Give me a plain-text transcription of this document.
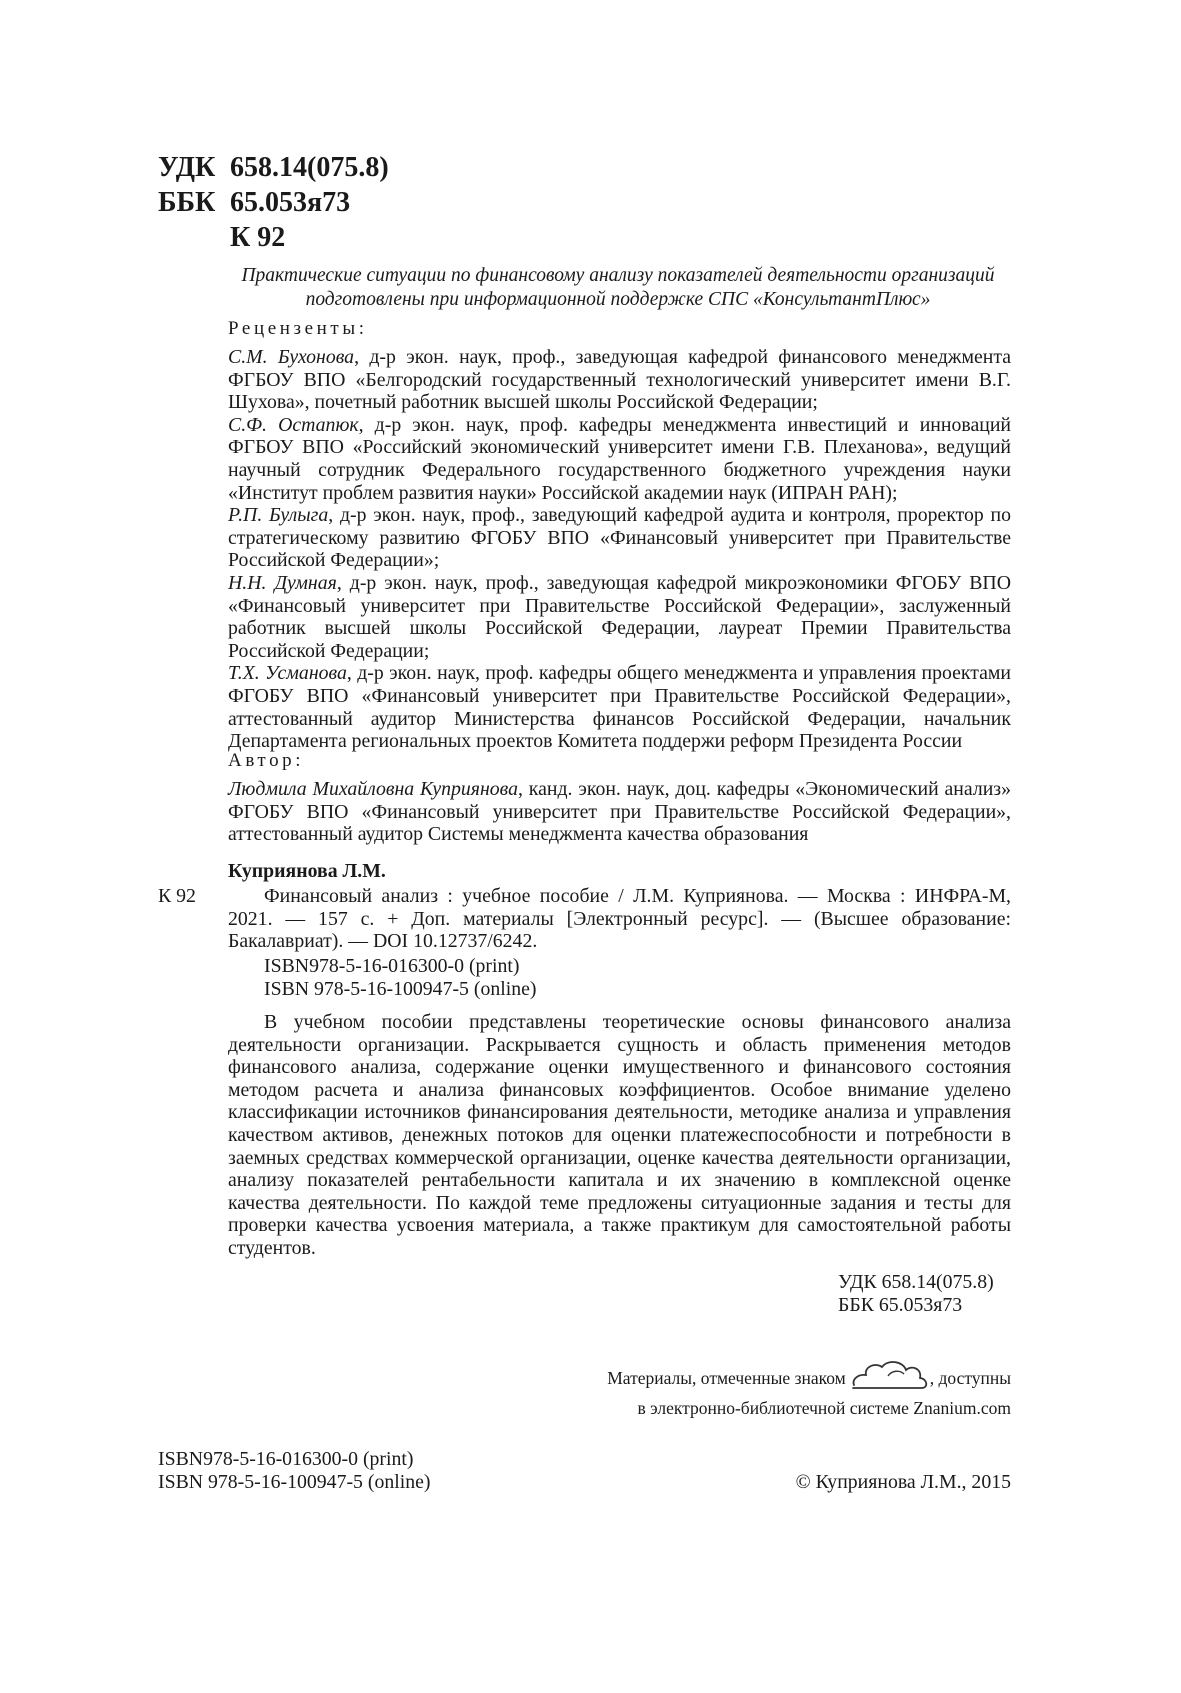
УДК 658.14(075.8)
ББК 65.053я73
К 92
Практические ситуации по финансовому анализу показателей деятельности организаций
подготовлены при информационной поддержке СПС «КонсультантПлюс»
Рецензенты:
С.М. Бухонова, д-р экон. наук, проф., заведующая кафедрой финансового менеджмента ФГБОУ ВПО «Белгородский государственный технологический университет имени В.Г. Шухова», почетный работник высшей школы Российской Федерации;
С.Ф. Остапюк, д-р экон. наук, проф. кафедры менеджмента инвестиций и инноваций ФГБОУ ВПО «Российский экономический университет имени Г.В. Плеханова», ведущий научный сотрудник Федерального государственного бюджетного учреждения науки «Институт проблем развития науки» Российской академии наук (ИПРАН РАН);
Р.П. Булыга, д-р экон. наук, проф., заведующий кафедрой аудита и контроля, проректор по стратегическому развитию ФГОБУ ВПО «Финансовый университет при Правительстве Российской Федерации»;
Н.Н. Думная, д-р экон. наук, проф., заведующая кафедрой микроэкономики ФГОБУ ВПО «Финансовый университет при Правительстве Российской Федерации», заслуженный работник высшей школы Российской Федерации, лауреат Премии Правительства Российской Федерации;
Т.Х. Усманова, д-р экон. наук, проф. кафедры общего менеджмента и управления проектами ФГОБУ ВПО «Финансовый университет при Правительстве Российской Федерации», аттестованный аудитор Министерства финансов Российской Федерации, начальник Департамента региональных проектов Комитета поддержи реформ Президента России
Автор:
Людмила Михайловна Куприянова, канд. экон. наук, доц. кафедры «Экономический анализ» ФГОБУ ВПО «Финансовый университет при Правительстве Российской Федерации», аттестованный аудитор Системы менеджмента качества образования
Куприянова Л.М.
К 92	Финансовый анализ : учебное пособие / Л.М. Куприянова. — Москва : ИНФРА-М, 2021. — 157 с. + Доп. материалы [Электронный ресурс]. — (Высшее образование: Бакалавриат). — DOI 10.12737/6242.
ISBN978-5-16-016300-0 (print)
ISBN 978-5-16-100947-5 (online)
В учебном пособии представлены теоретические основы финансового анализа деятельности организации. Раскрывается сущность и область применения методов финансового анализа, содержание оценки имущественного и финансового состояния методом расчета и анализа финансовых коэффициентов. Особое внимание уделено классификации источников финансирования деятельности, методике анализа и управления качеством активов, денежных потоков для оценки платежеспособности и потребности в заемных средствах коммерческой организации, оценке качества деятельности организации, анализу показателей рентабельности капитала и их значению в комплексной оценке качества деятельности. По каждой теме предложены ситуационные задания и тесты для проверки качества усвоения материала, а также практикум для самостоятельной работы студентов.
УДК 658.14(075.8)
ББК 65.053я73
Материалы, отмеченные знаком	, доступны
в электронно-библиотечной системе Znanium.com
ISBN978-5-16-016300-0 (print)
ISBN 978-5-16-100947-5 (online)	© Куприянова Л.М., 2015
